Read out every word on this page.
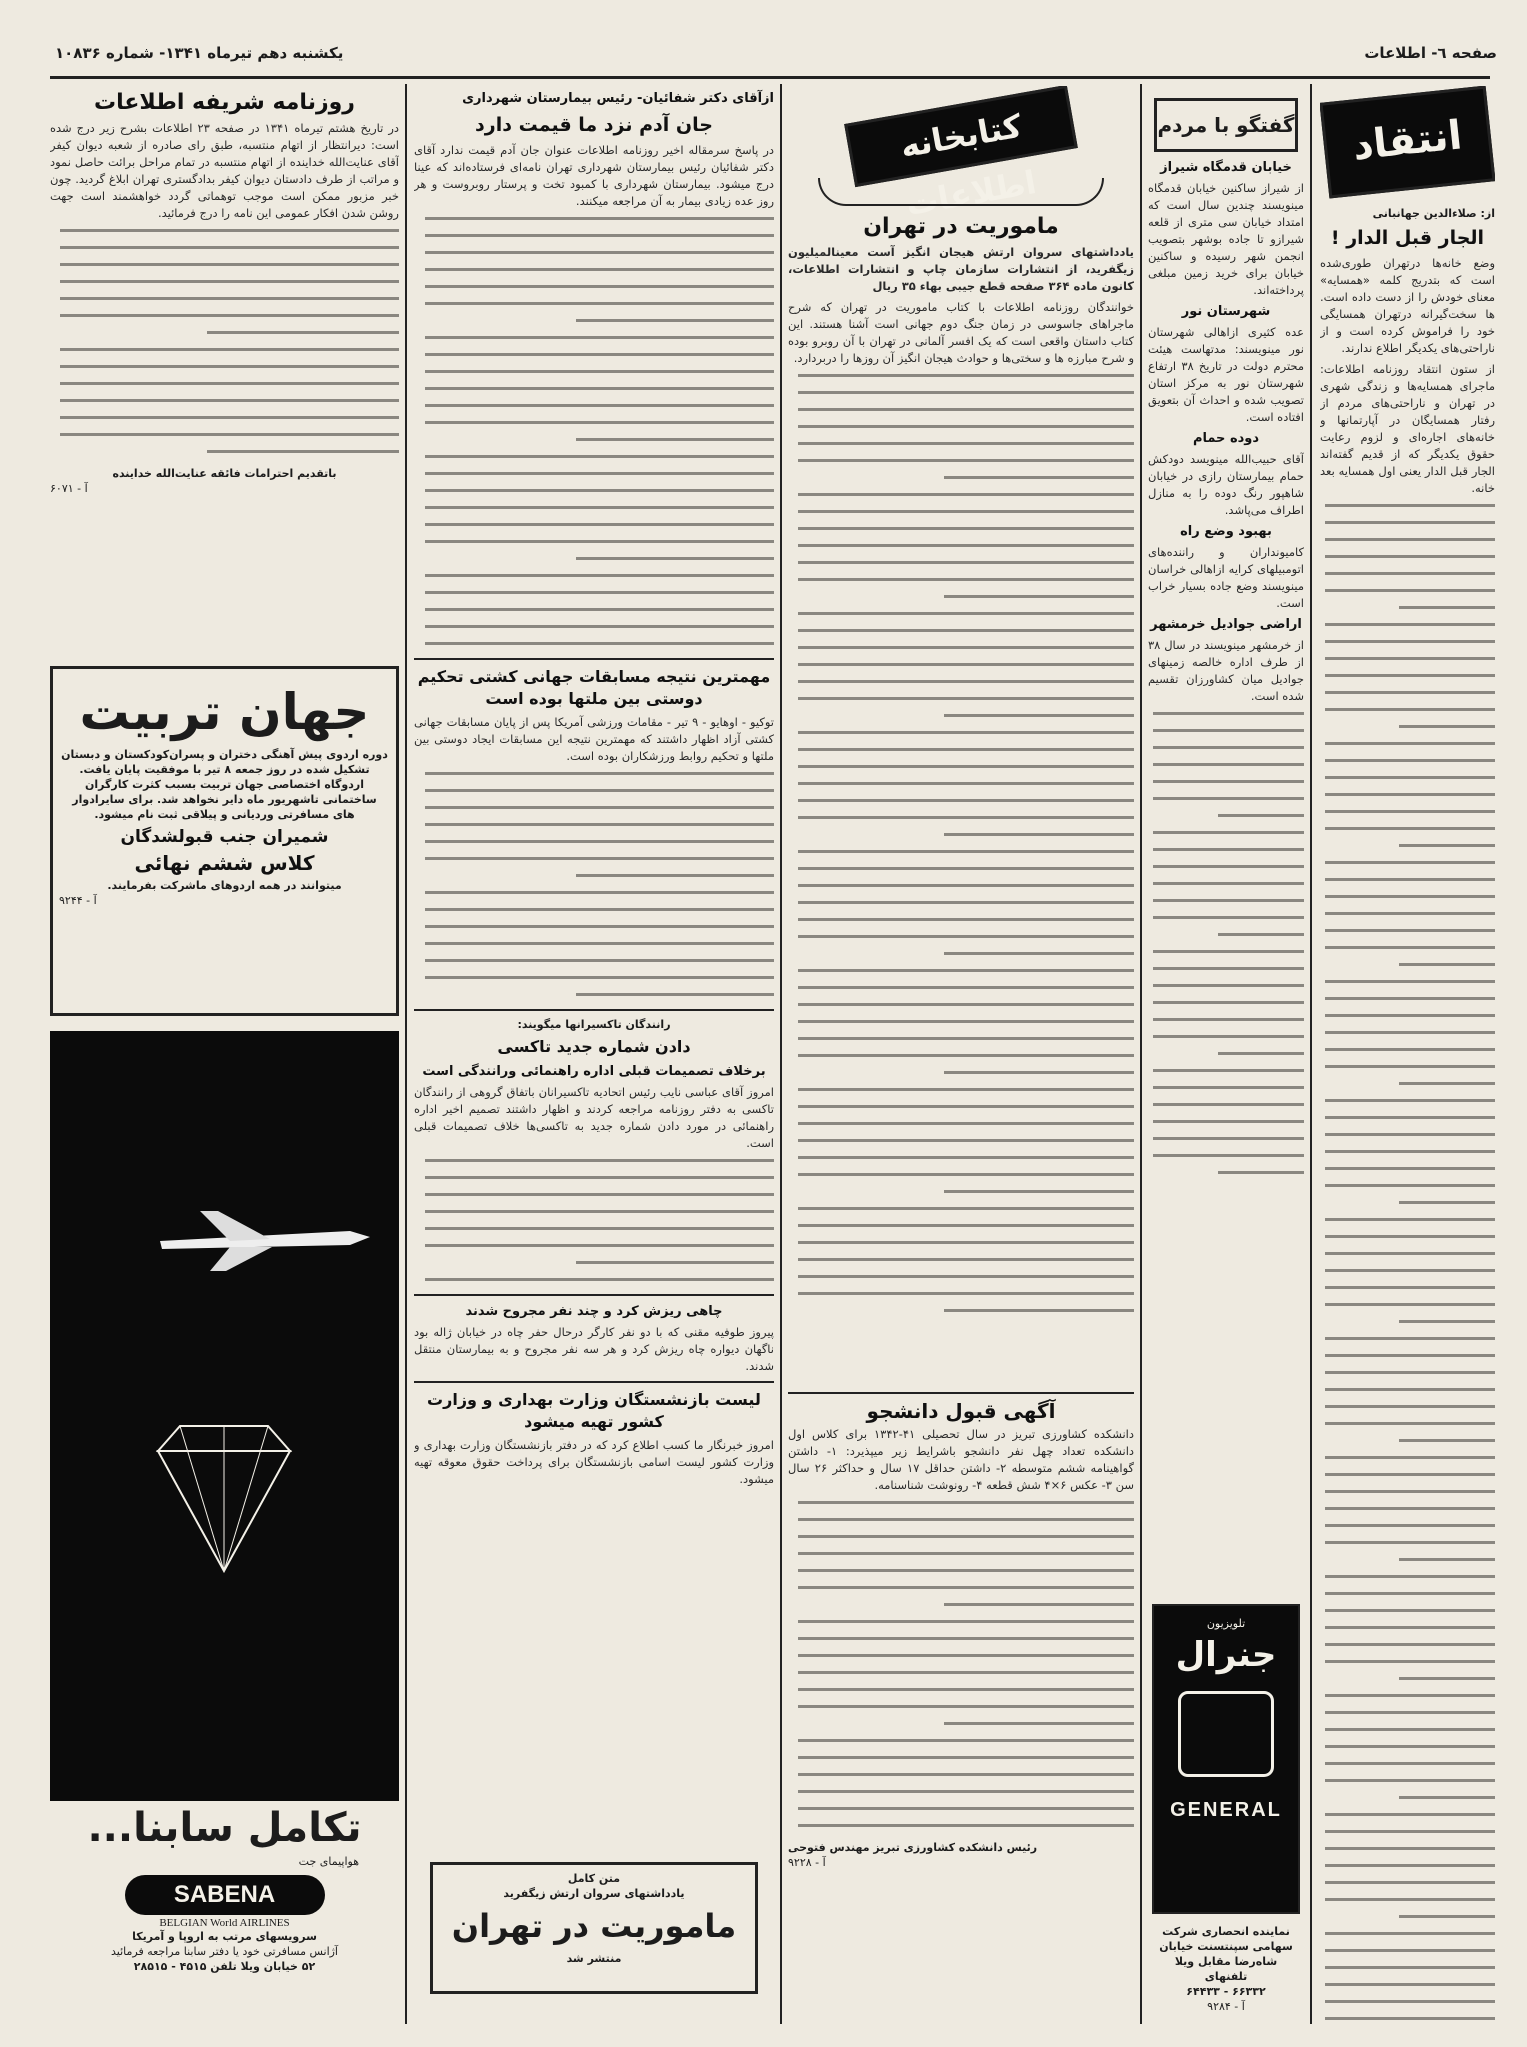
صفحه ٦- اطلاعات
یکشنبه دهم تیرماه ۱۳۴۱- شماره ۱۰۸۳۶
انتقاد
از: صلاءالدین جهانبانی
الجار قبل الدار !
وضع خانه‌ها درتهران طوری‌شده است که بتدریج کلمه «همسایه» معنای خودش را از دست داده است. ها سخت‌گیرانه درتهران همسایگی خود را فراموش کرده است و از ناراحتی‌های یکدیگر اطلاع ندارند.
از ستون انتقاد روزنامه اطلاعات: ماجرای همسایه‌ها و زندگی شهری در تهران و ناراحتی‌های مردم از رفتار همسایگان در آپارتمانها و خانه‌های اجاره‌ای و لزوم رعایت حقوق یکدیگر که از قدیم گفته‌اند الجار قبل الدار یعنی اول همسایه بعد خانه.
گفتگو با مردم
خیابان قدمگاه شیراز
از شیراز ساکنین خیابان قدمگاه مینویسند چندین سال است که امتداد خیابان سی متری از قلعه شیرازو تا جاده بوشهر بتصویب انجمن شهر رسیده و ساکنین خیابان برای خرید زمین مبلغی پرداخته‌اند.
شهرستان نور
عده کثیری ازاهالی شهرستان نور مینویسند: مدتهاست هیئت محترم دولت در تاریخ ۳۸ ارتفاع شهرستان نور به مرکز استان تصویب شده و احداث آن بتعویق افتاده است.
دوده حمام
آقای حبیب‌الله مینویسد دودکش حمام بیمارستان رازی در خیابان شاهپور رنگ دوده را به منازل اطراف می‌پاشد.
بهبود وضع راه
کامیونداران و راننده‌های اتومبیلهای کرایه ازاهالی خراسان مینویسند وضع جاده بسیار خراب است.
اراضی جوادیل خرمشهر
از خرمشهر مینویسند در سال ۳۸ از طرف اداره خالصه زمینهای جوادیل میان کشاورزان تقسیم شده است.
تلویزیون
جنرال
GENERAL
نماینده انحصاری شرکت
سهامی سپنتسنت خیابان
شاه‌رضا مقابل ویلا تلفنهای
۶۶۳۳۲ - ۶۴۴۳۳
آ - ۹۲۸۴
کتابخانه اطلاعات
ماموریت در تهران
یادداشتهای سروان ارتش هیجان انگیز آست معینالمیلیون زیگفرید، از انتشارات سازمان چاپ و انتشارات اطلاعات، کانون ماده ۳۶۴ صفحه قطع جیبی بهاء ۳۵ ریال
خوانندگان روزنامه اطلاعات با کتاب ماموریت در تهران که شرح ماجراهای جاسوسی در زمان جنگ دوم جهانی است آشنا هستند. این کتاب داستان واقعی است که یک افسر آلمانی در تهران با آن روبرو بوده و شرح مبارزه ها و سختی‌ها و حوادث هیجان انگیز آن روزها را دربردارد.
آگهی قبول دانشجو
دانشکده کشاورزی تبریز در سال تحصیلی ۴۱-۱۳۴۲ برای کلاس اول دانشکده تعداد چهل نفر دانشجو باشرایط زیر میپذیرد: ۱- داشتن گواهینامه ششم متوسطه ۲- داشتن حداقل ۱۷ سال و حداکثر ۲۶ سال سن ۳- عکس ۶×۴ شش قطعه ۴- رونوشت شناسنامه.
رئیس دانشکده کشاورزی تبریز مهندس فتوحی
آ - ۹۲۲۸
ازآقای دکتر شفائیان- رئیس بیمارستان شهرداری
جان آدم نزد ما قیمت دارد
در پاسخ سرمقاله اخیر روزنامه اطلاعات عنوان جان آدم قیمت ندارد آقای دکتر شفائیان رئیس بیمارستان شهرداری تهران نامه‌ای فرستاده‌اند که عینا درج میشود. بیمارستان شهرداری با کمبود تخت و پرستار روبروست و هر روز عده زیادی بیمار به آن مراجعه میکنند.
مهمترین نتیجه مسابقات جهانی کشتی تحکیم دوستی بین ملتها بوده است
توکیو - اوهایو - ۹ تیر - مقامات ورزشی آمریکا پس از پایان مسابقات جهانی کشتی آزاد اظهار داشتند که مهمترین نتیجه این مسابقات ایجاد دوستی بین ملتها و تحکیم روابط ورزشکاران بوده است.
رانندگان تاکسیرانها میگویند:
دادن شماره جدید تاکسی
برخلاف تصمیمات قبلی اداره راهنمائی ورانندگی است
امروز آقای عباسی نایب رئیس اتحادیه تاکسیرانان باتفاق گروهی از رانندگان تاکسی به دفتر روزنامه مراجعه کردند و اظهار داشتند تصمیم اخیر اداره راهنمائی در مورد دادن شماره جدید به تاکسی‌ها خلاف تصمیمات قبلی است.
چاهی ریزش کرد و چند نفر مجروح شدند
پیروز طوفیه مقنی که با دو نفر کارگر درحال حفر چاه در خیابان ژاله بود ناگهان دیواره چاه ریزش کرد و هر سه نفر مجروح و به بیمارستان منتقل شدند.
لیست بازنشستگان وزارت بهداری و وزارت کشور تهیه میشود
امروز خبرنگار ما کسب اطلاع کرد که در دفتر بازنشستگان وزارت بهداری و وزارت کشور لیست اسامی بازنشستگان برای پرداخت حقوق معوقه تهیه میشود.
متن کامل
یادداشتهای سروان ارتش زیگفرید
ماموریت در تهران
منتشر شد
روزنامه شریفه اطلاعات
در تاریخ هشتم تیرماه ۱۳۴۱ در صفحه ۲۳ اطلاعات بشرح زیر درج شده است: دیرانتظار از اتهام منتسبه، طبق رای صادره از شعبه دیوان کیفر آقای عنایت‌الله خداینده از اتهام منتسبه در تمام مراحل برائت حاصل نمود و مراتب از طرف دادستان دیوان کیفر بدادگستری تهران ابلاغ گردید. چون خبر مزبور ممکن است موجب توهماتی گردد خواهشمند است جهت روشن شدن افکار عمومی این نامه را درج فرمائید.
باتقدیم احترامات فائقه عنایت‌الله خداینده
آ - ۶۰۷۱
جهان تربیت
دوره اردوی پیش آهنگی دختران و پسران‌کودکستان و دبستان
تشکیل شده در روز جمعه ۸ تیر با موفقیت پایان یافت.
اردوگاه اختصاصی جهان تربیت بسبب کثرت کارگران
ساختمانی تاشهریور ماه دایر نخواهد شد. برای سایرادوار
های مسافرتی وردیانی و پیلاقی ثبت نام میشود.
شمیران جنب قبولشدگان
کلاس ششم نهائی
میتوانند در همه اردوهای ماشرکت بفرمایند.
آ - ۹۲۴۴
تکامل سابنا...
هواپیمای جت
SABENA
BELGIAN World AIRLINES
سرویسهای مرتب به اروپا و آمریکا
آژانس مسافرتی خود یا دفتر سابنا مراجعه فرمائید
۵۲ خیابان ویلا تلفن ۴۵۱۵ - ۲۸۵۱۵
